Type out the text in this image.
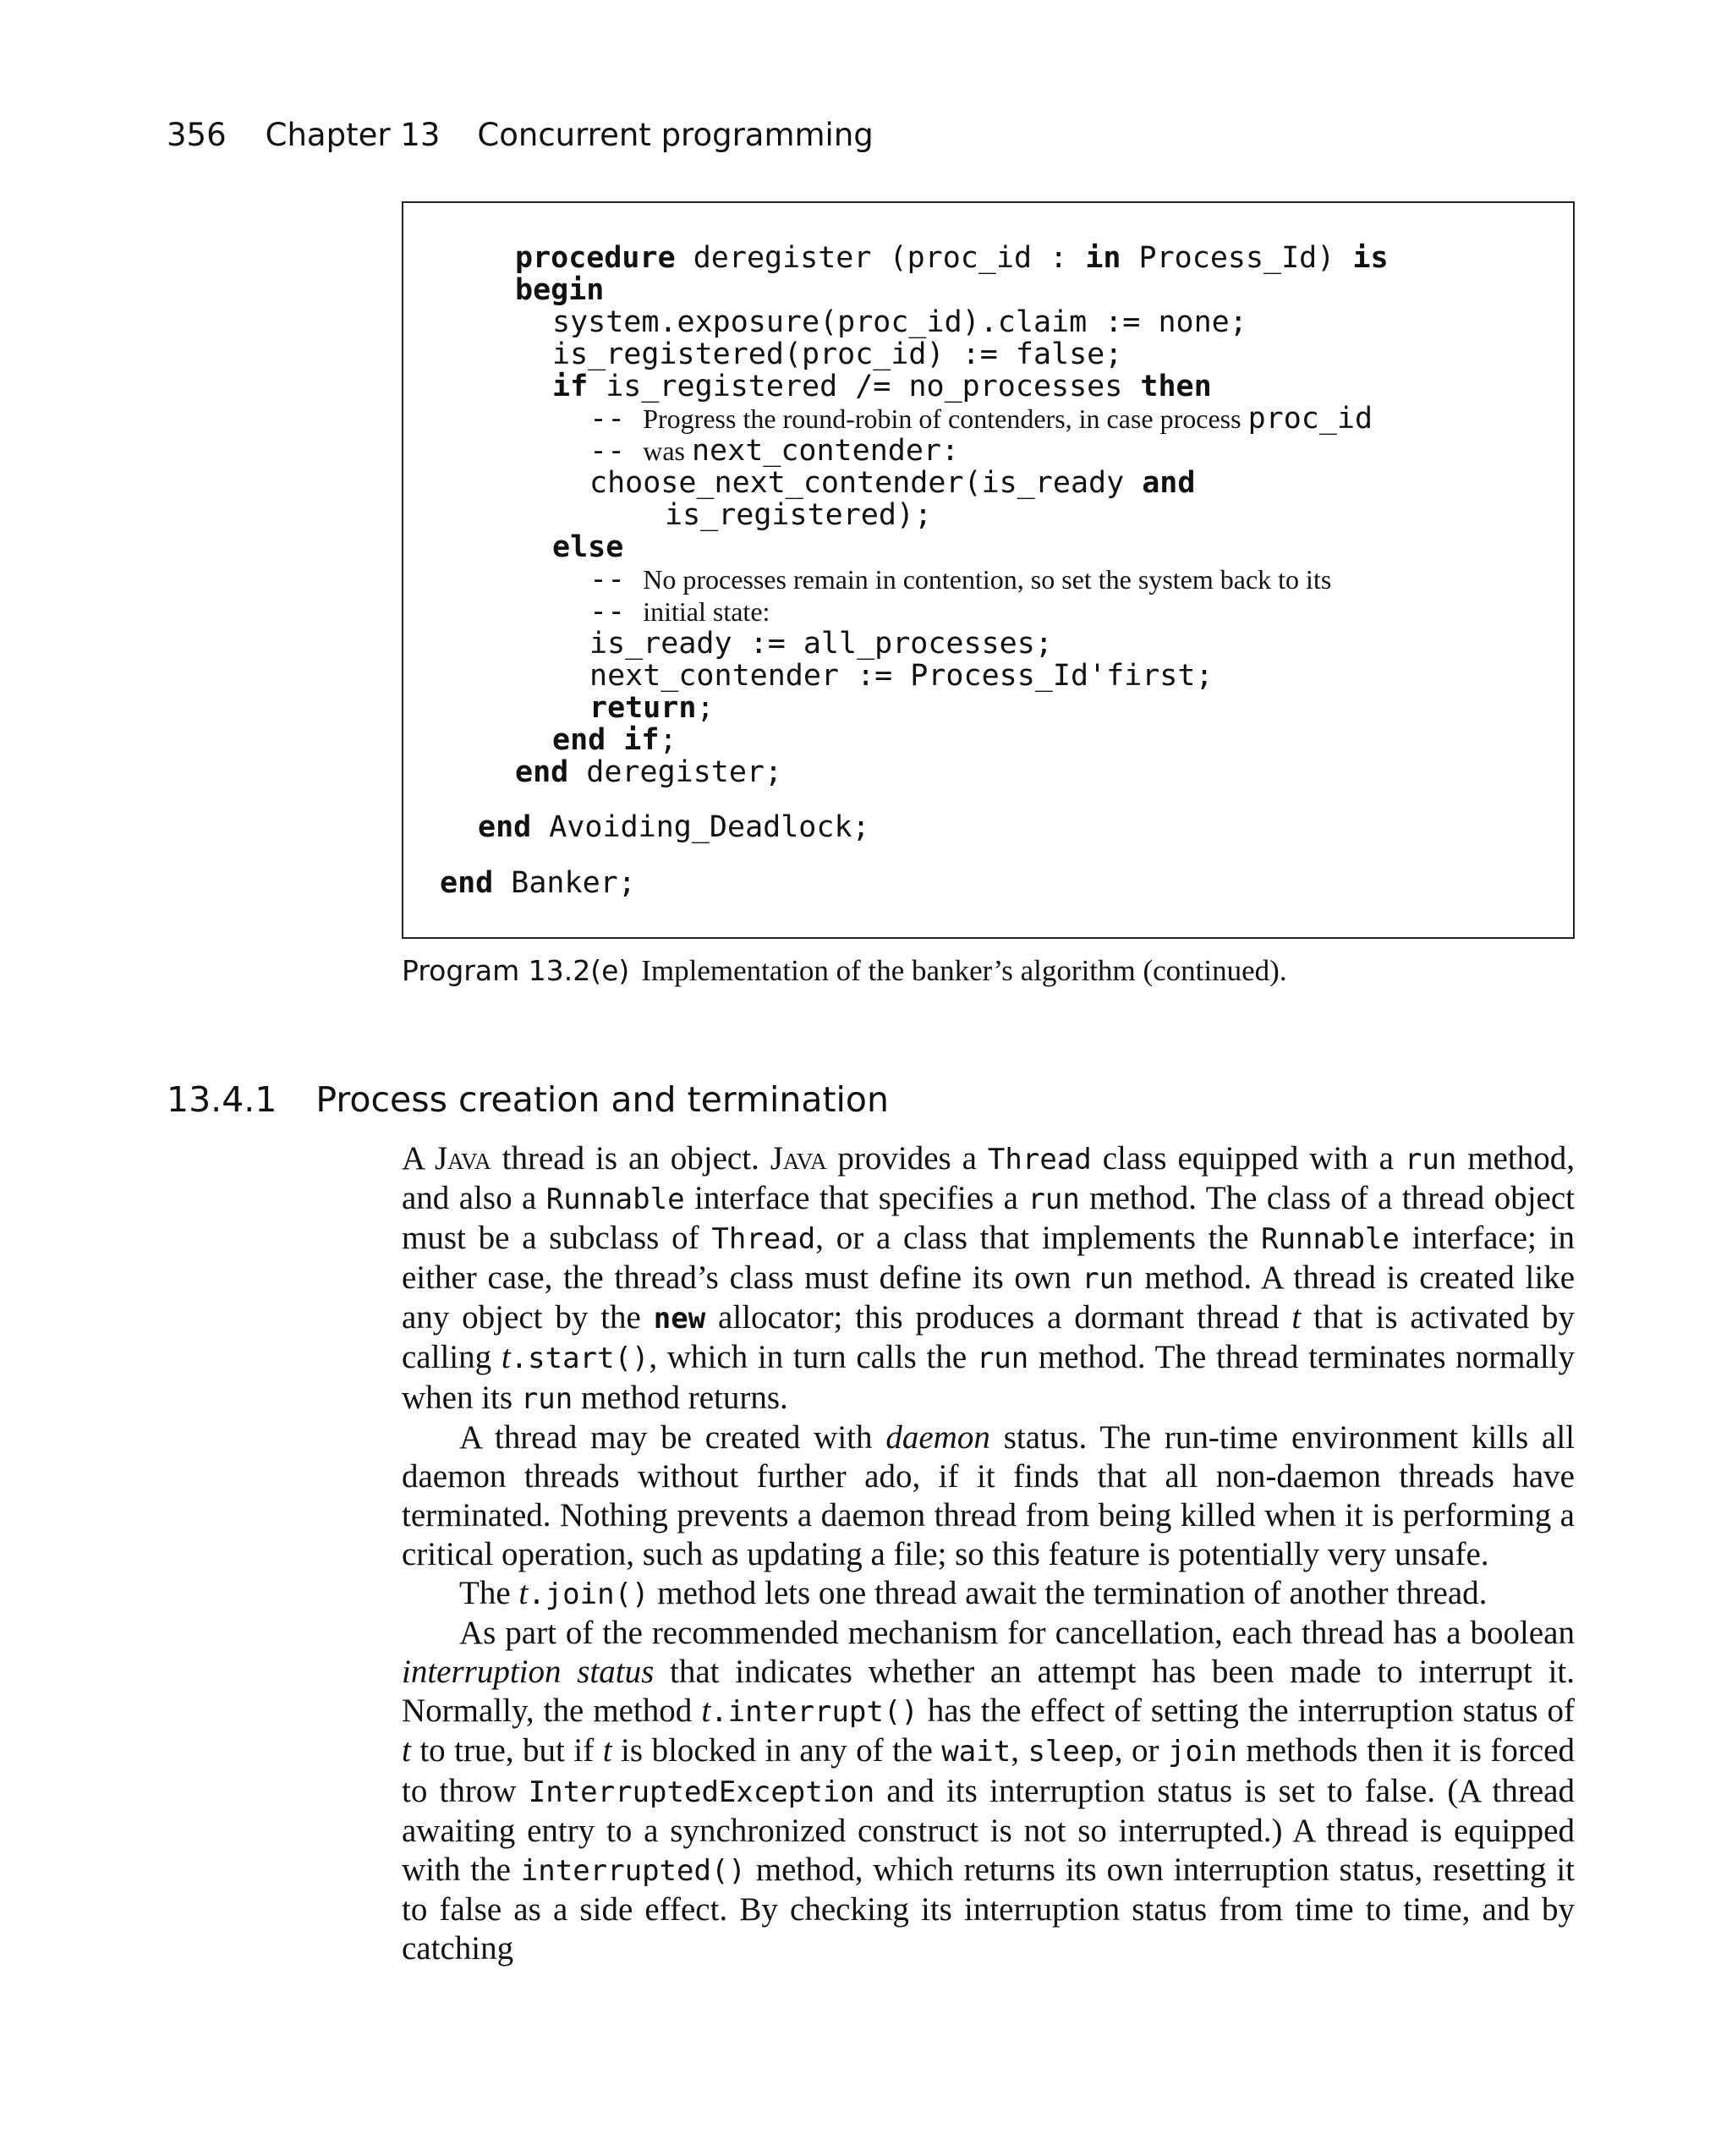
356 Chapter 13 Concurrent programming
procedure deregister (proc_id : in Process_Id) is
begin
system.exposure(proc_id).claim := none;
is_registered(proc_id) := false;
if is_registered /= no_processes then
-- Progress the round-robin of contenders, in case process proc_id
-- was next_contender:
choose_next_contender(is_ready and
is_registered);
else
-- No processes remain in contention, so set the system back to its
-- initial state:
is_ready := all_processes;
next_contender := Process_Id'first;
return;
end if;
end deregister;
end Avoiding_Deadlock;
end Banker;
Program 13.2(e) Implementation of the banker’s algorithm (continued).
13.4.1 Process creation and termination

A Java thread is an object. Java provides a Thread class equipped with a run method, and also a Runnable interface that specifies a run method. The class of a thread object must be a subclass of Thread, or a class that implements the Runnable interface; in either case, the thread’s class must define its own run method. A thread is created like any object by the new allocator; this produces a dormant thread t that is activated by calling t.start(), which in turn calls the run method. The thread terminates normally when its run method returns.

A thread may be created with daemon status. The run-time environment kills all daemon threads without further ado, if it finds that all non-daemon threads have terminated. Nothing prevents a daemon thread from being killed when it is performing a critical operation, such as updating a file; so this feature is potentially very unsafe.

The t.join() method lets one thread await the termination of another thread.

As part of the recommended mechanism for cancellation, each thread has a boolean interruption status that indicates whether an attempt has been made to interrupt it. Normally, the method t.interrupt() has the effect of setting the interruption status of t to true, but if t is blocked in any of the wait, sleep, or join methods then it is forced to throw InterruptedException and its interruption status is set to false. (A thread awaiting entry to a synchronized construct is not so interrupted.) A thread is equipped with the interrupted() method, which returns its own interruption status, resetting it to false as a side effect. By checking its interruption status from time to time, and by catching
